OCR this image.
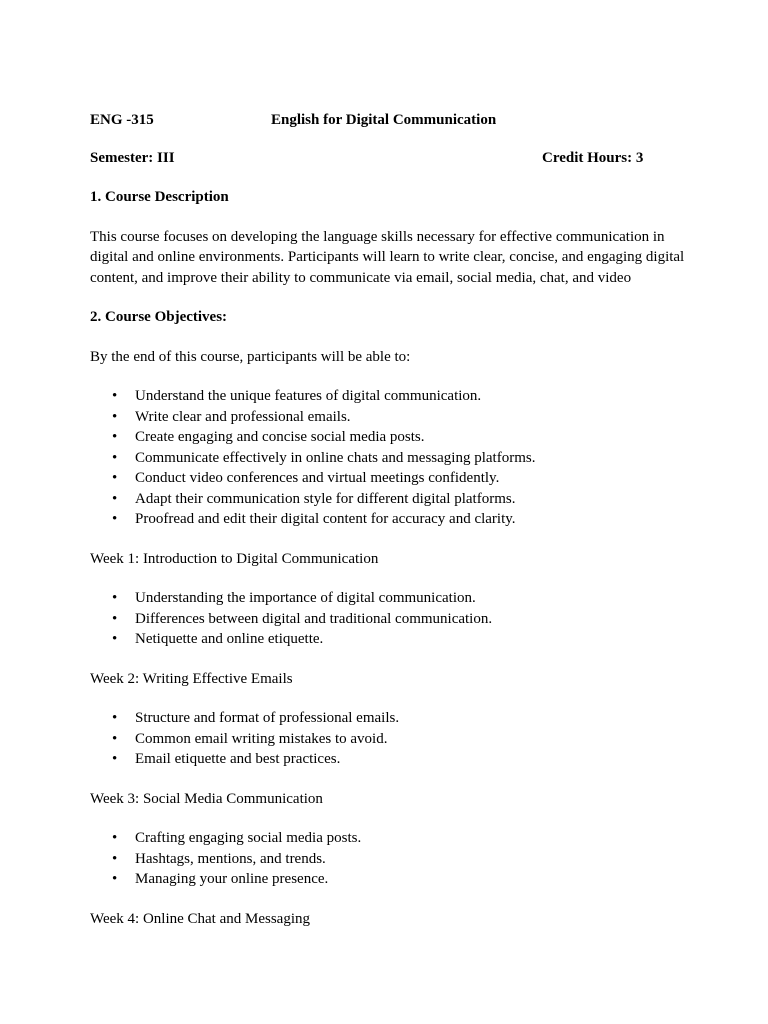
ENG -315	English for Digital Communication
Semester: III	Credit Hours: 3
1. Course Description

This course focuses on developing the language skills necessary for effective communication in digital and online environments. Participants will learn to write clear, concise, and engaging digital content, and improve their ability to communicate via email, social media, chat, and video

2. Course Objectives:

By the end of this course, participants will be able to:

• Understand the unique features of digital communication.
• Write clear and professional emails.
• Create engaging and concise social media posts.
• Communicate effectively in online chats and messaging platforms.
• Conduct video conferences and virtual meetings confidently.
• Adapt their communication style for different digital platforms.
• Proofread and edit their digital content for accuracy and clarity.

Week 1: Introduction to Digital Communication

• Understanding the importance of digital communication.
• Differences between digital and traditional communication.
• Netiquette and online etiquette.

Week 2: Writing Effective Emails

• Structure and format of professional emails.
• Common email writing mistakes to avoid.
• Email etiquette and best practices.

Week 3: Social Media Communication

• Crafting engaging social media posts.
• Hashtags, mentions, and trends.
• Managing your online presence.

Week 4: Online Chat and Messaging
